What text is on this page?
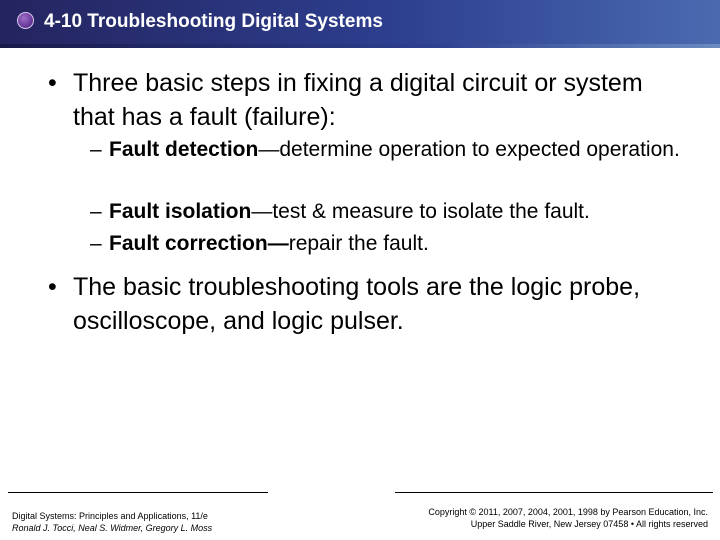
4-10 Troubleshooting Digital Systems
• Three basic steps in fixing a digital circuit or system that has a fault (failure):
– Fault detection—determine operation to expected operation.
– Fault isolation—test & measure to isolate the fault.
– Fault correction—repair the fault.
• The basic troubleshooting tools are the logic probe, oscilloscope, and logic pulser.
Digital Systems: Principles and Applications, 11/e
Ronald J. Tocci, Neal S. Widmer, Gregory L. Moss
Copyright © 2011, 2007, 2004, 2001, 1998 by Pearson Education, Inc.
Upper Saddle River, New Jersey 07458 • All rights reserved
